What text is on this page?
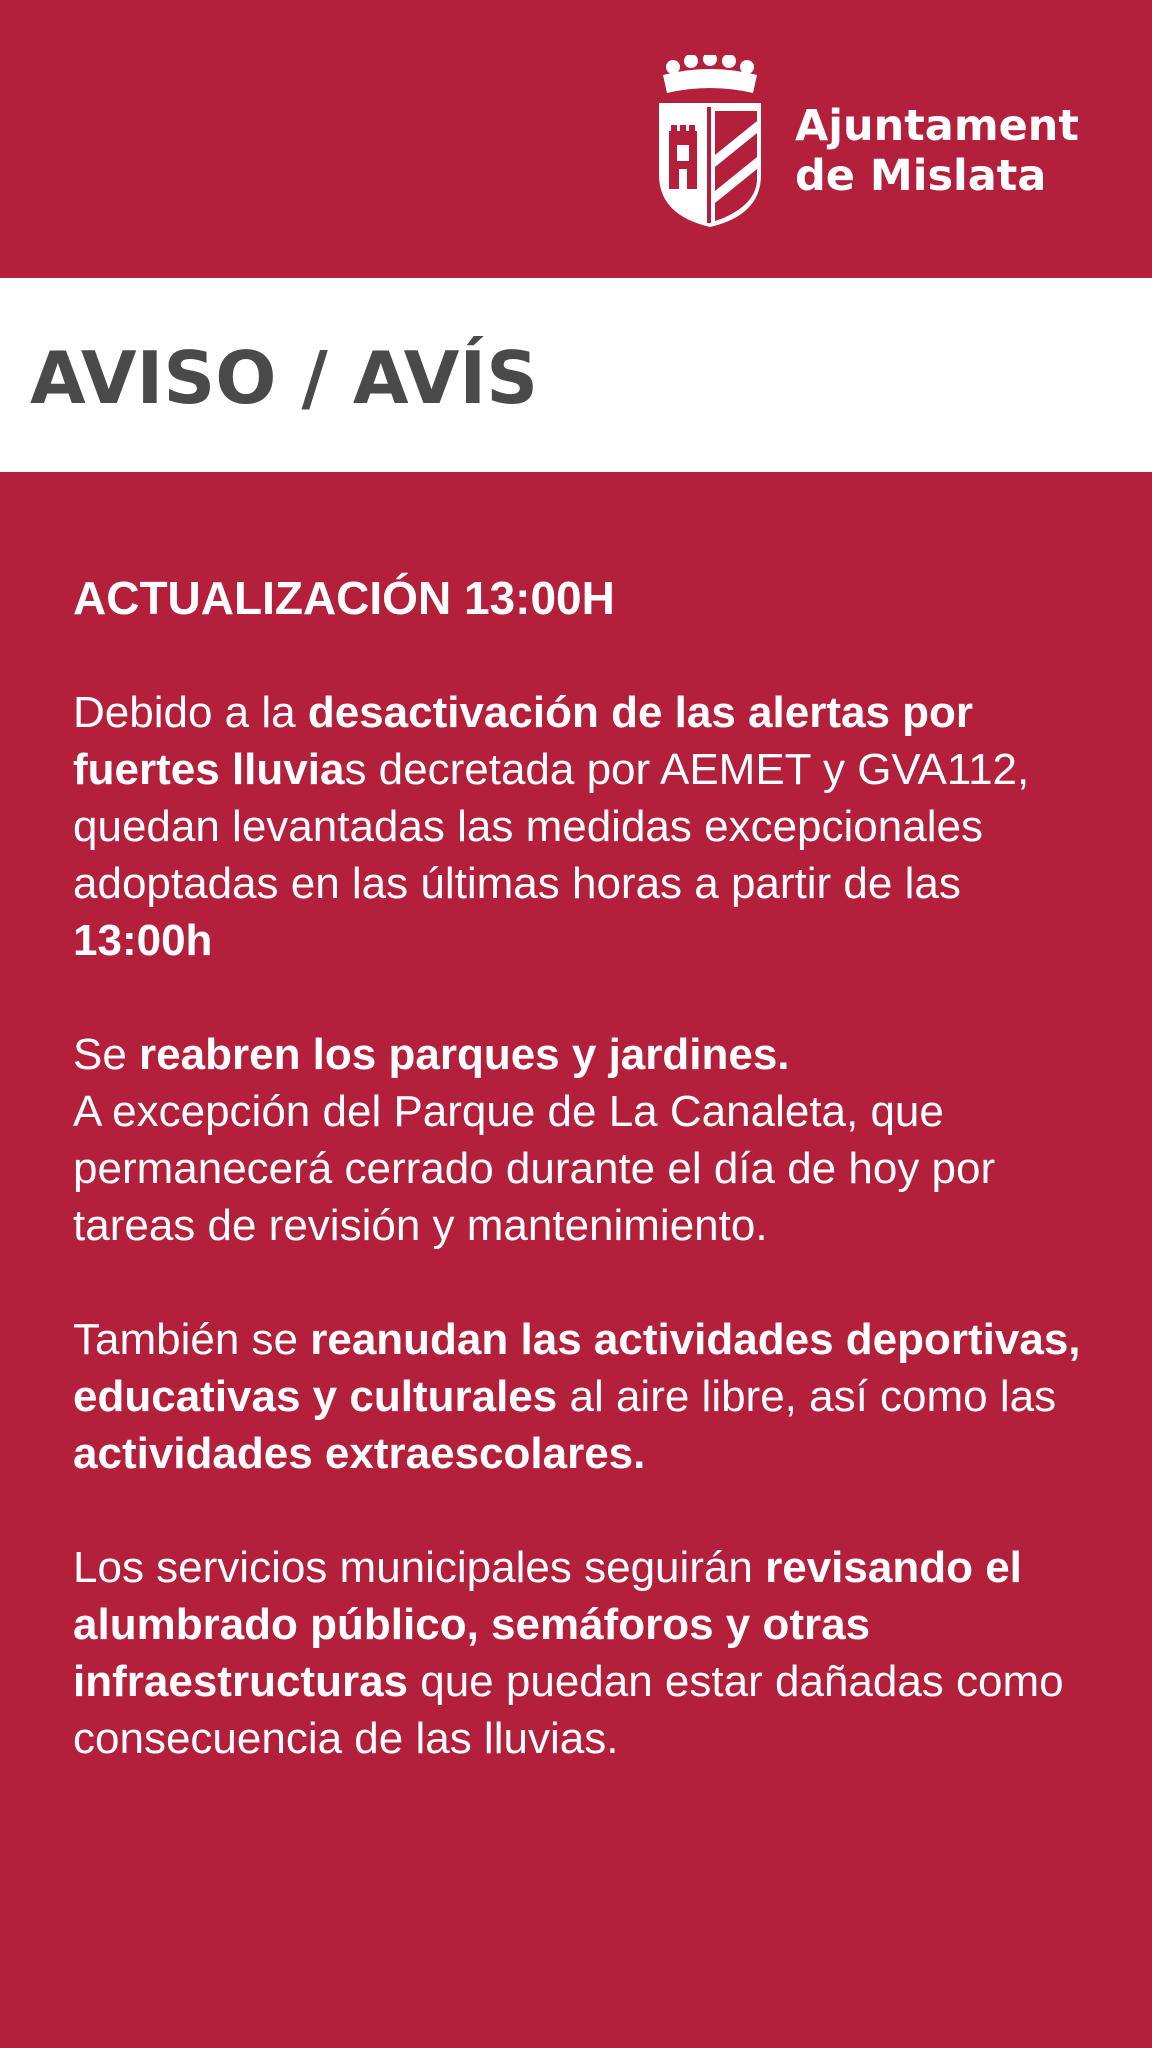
Ajuntament
de Mislata
AVISO / AVÍS

ACTUALIZACIÓN 13:00H

Debido a la desactivación de las alertas por fuertes lluvias decretada por AEMET y GVA112, quedan levantadas las medidas excepcionales adoptadas en las últimas horas a partir de las 13:00h

Se reabren los parques y jardines.
A excepción del Parque de La Canaleta, que permanecerá cerrado durante el día de hoy por tareas de revisión y mantenimiento.

También se reanudan las actividades deportivas, educativas y culturales al aire libre, así como las actividades extraescolares.

Los servicios municipales seguirán revisando el alumbrado público, semáforos y otras infraestructuras que puedan estar dañadas como consecuencia de las lluvias.
